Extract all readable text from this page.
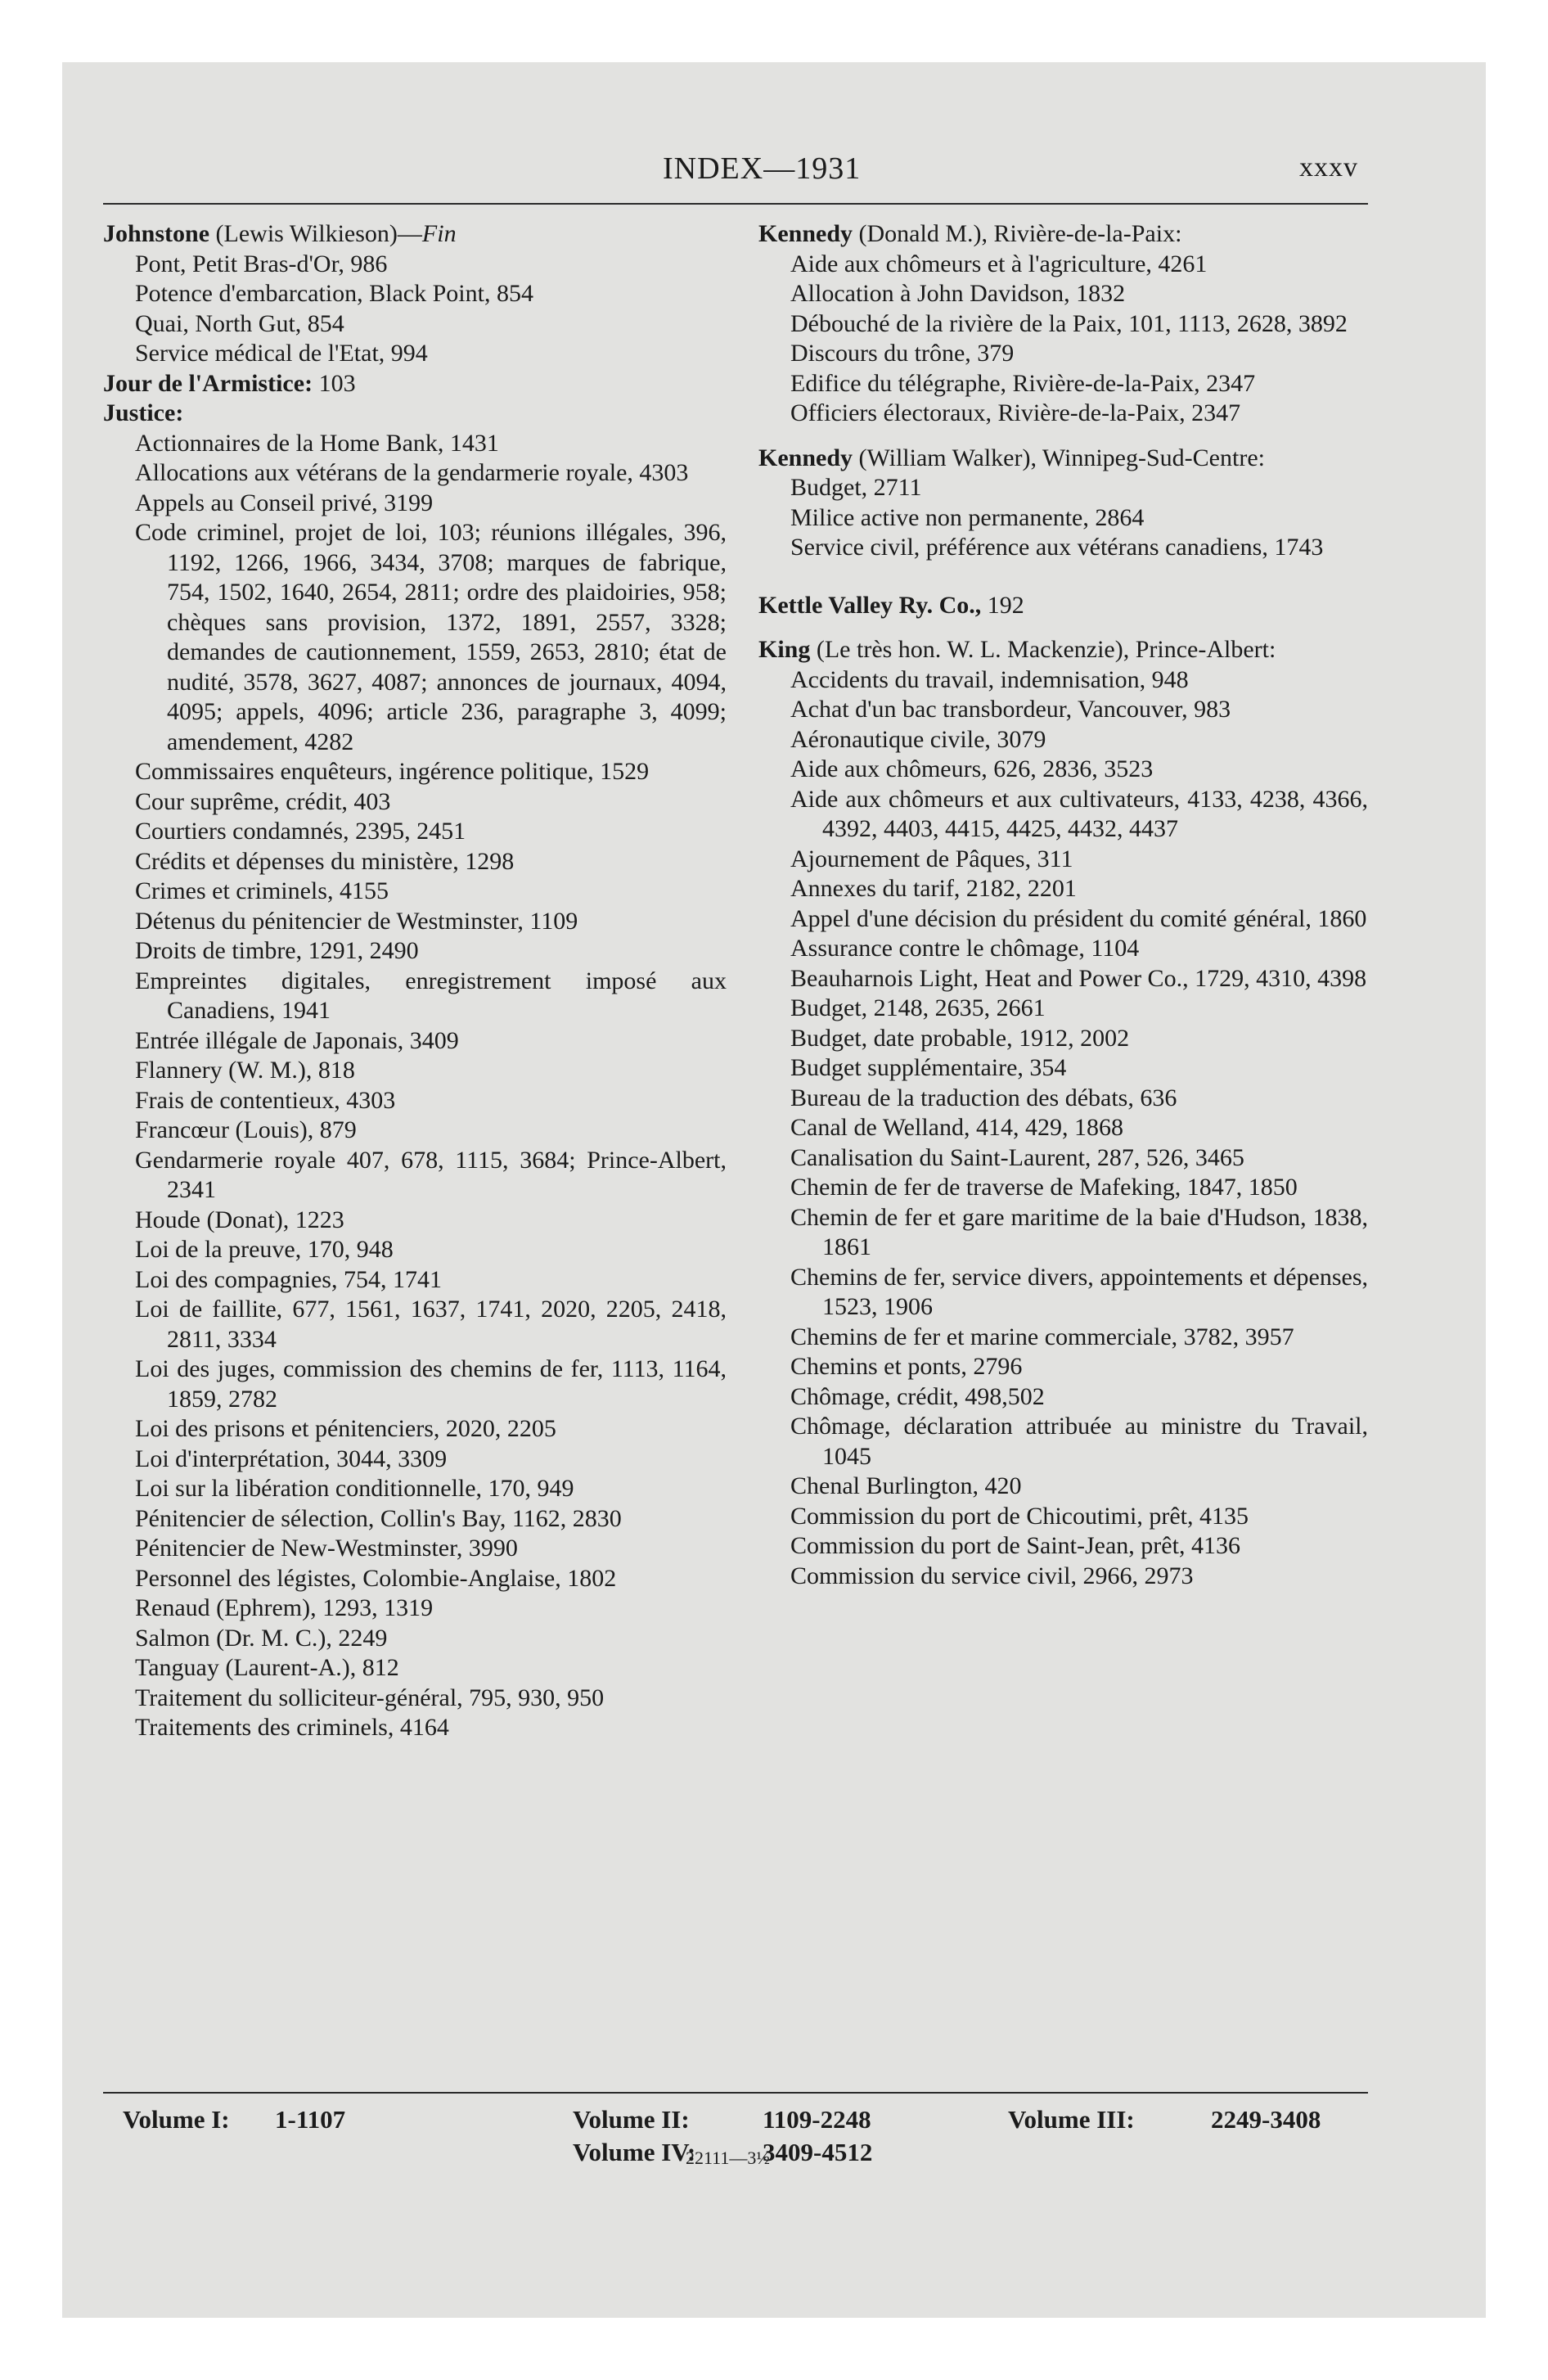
INDEX—1931	xxxv
Johnstone (Lewis Wilkieson)—Fin
Pont, Petit Bras-d'Or, 986
Potence d'embarcation, Black Point, 854
Quai, North Gut, 854
Service médical de l'Etat, 994
Jour de l'Armistice: 103
Justice:
Actionnaires de la Home Bank, 1431
Allocations aux vétérans de la gendarmerie royale, 4303
Appels au Conseil privé, 3199
Code criminel, projet de loi, 103; réunions illégales, 396, 1192, 1266, 1966, 3434, 3708; marques de fabrique, 754, 1502, 1640, 2654, 2811; ordre des plaidoiries, 958; chèques sans provision, 1372, 1891, 2557, 3328; demandes de cautionnement, 1559, 2653, 2810; état de nudité, 3578, 3627, 4087; annonces de journaux, 4094, 4095; appels, 4096; article 236, paragraphe 3, 4099; amendement, 4282
Commissaires enquêteurs, ingérence politique, 1529
Cour suprême, crédit, 403
Courtiers condamnés, 2395, 2451
Crédits et dépenses du ministère, 1298
Crimes et criminels, 4155
Détenus du pénitencier de Westminster, 1109
Droits de timbre, 1291, 2490
Empreintes digitales, enregistrement imposé aux Canadiens, 1941
Entrée illégale de Japonais, 3409
Flannery (W. M.), 818
Frais de contentieux, 4303
Francœur (Louis), 879
Gendarmerie royale 407, 678, 1115, 3684; Prince-Albert, 2341
Houde (Donat), 1223
Loi de la preuve, 170, 948
Loi des compagnies, 754, 1741
Loi de faillite, 677, 1561, 1637, 1741, 2020, 2205, 2418, 2811, 3334
Loi des juges, commission des chemins de fer, 1113, 1164, 1859, 2782
Loi des prisons et pénitenciers, 2020, 2205
Loi d'interprétation, 3044, 3309
Loi sur la libération conditionnelle, 170, 949
Pénitencier de sélection, Collin's Bay, 1162, 2830
Pénitencier de New-Westminster, 3990
Personnel des légistes, Colombie-Anglaise, 1802
Renaud (Ephrem), 1293, 1319
Salmon (Dr. M. C.), 2249
Tanguay (Laurent-A.), 812
Traitement du solliciteur-général, 795, 930, 950
Traitements des criminels, 4164
Kennedy (Donald M.), Rivière-de-la-Paix:
Aide aux chômeurs et à l'agriculture, 4261
Allocation à John Davidson, 1832
Débouché de la rivière de la Paix, 101, 1113, 2628, 3892
Discours du trône, 379
Edifice du télégraphe, Rivière-de-la-Paix, 2347
Officiers électoraux, Rivière-de-la-Paix, 2347
Kennedy (William Walker), Winnipeg-Sud-Centre:
Budget, 2711
Milice active non permanente, 2864
Service civil, préférence aux vétérans canadiens, 1743
Kettle Valley Ry. Co., 192
King (Le très hon. W. L. Mackenzie), Prince-Albert:
Accidents du travail, indemnisation, 948
Achat d'un bac transbordeur, Vancouver, 983
Aéronautique civile, 3079
Aide aux chômeurs, 626, 2836, 3523
Aide aux chômeurs et aux cultivateurs, 4133, 4238, 4366, 4392, 4403, 4415, 4425, 4432, 4437
Ajournement de Pâques, 311
Annexes du tarif, 2182, 2201
Appel d'une décision du président du comité général, 1860
Assurance contre le chômage, 1104
Beauharnois Light, Heat and Power Co., 1729, 4310, 4398
Budget, 2148, 2635, 2661
Budget, date probable, 1912, 2002
Budget supplémentaire, 354
Bureau de la traduction des débats, 636
Canal de Welland, 414, 429, 1868
Canalisation du Saint-Laurent, 287, 526, 3465
Chemin de fer de traverse de Mafeking, 1847, 1850
Chemin de fer et gare maritime de la baie d'Hudson, 1838, 1861
Chemins de fer, service divers, appointements et dépenses, 1523, 1906
Chemins de fer et marine commerciale, 3782, 3957
Chemins et ponts, 2796
Chômage, crédit, 498,502
Chômage, déclaration attribuée au ministre du Travail, 1045
Chenal Burlington, 420
Commission du port de Chicoutimi, prêt, 4135
Commission du port de Saint-Jean, prêt, 4136
Commission du service civil, 2966, 2973
Volume I: 1-1107	Volume II:	1109-2248	Volume III:	2249-3408
Volume IV:	3409-4512
22111—3½
